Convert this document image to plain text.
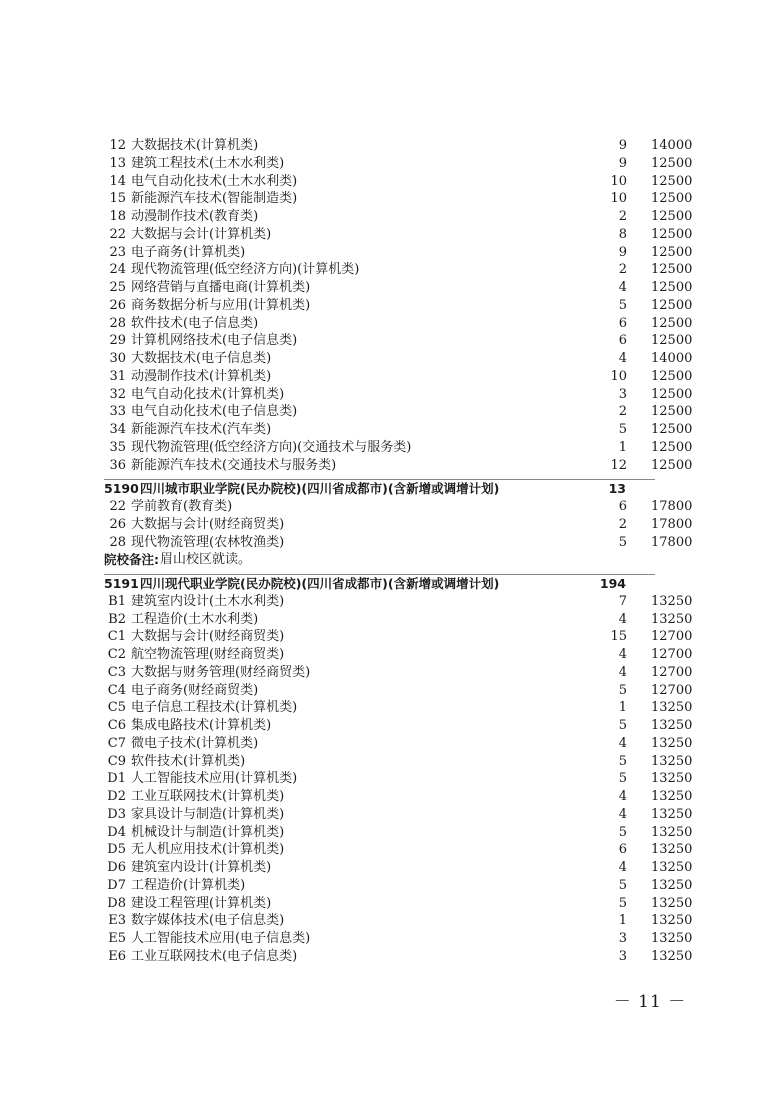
12 大数据技术(计算机类)	9 14000
13 建筑工程技术(土木水利类)	9 12500
14 电气自动化技术(土木水利类)	10 12500
15 新能源汽车技术(智能制造类)	10 12500
18 动漫制作技术(教育类)	2 12500
22 大数据与会计(计算机类)	8 12500
23 电子商务(计算机类)	9 12500
24 现代物流管理(低空经济方向)(计算机类)	2 12500
25 网络营销与直播电商(计算机类)	4 12500
26 商务数据分析与应用(计算机类)	5 12500
28 软件技术(电子信息类)	6 12500
29 计算机网络技术(电子信息类)	6 12500
30 大数据技术(电子信息类)	4 14000
31 动漫制作技术(计算机类)	10 12500
32 电气自动化技术(计算机类)	3 12500
33 电气自动化技术(电子信息类)	2 12500
34 新能源汽车技术(汽车类)	5 12500
35 现代物流管理(低空经济方向)(交通技术与服务类)	1 12500
36 新能源汽车技术(交通技术与服务类)	12 12500
5190 四川城市职业学院(民办院校)(四川省成都市)(含新增或调增计划)	13
22 学前教育(教育类)	6 17800
26 大数据与会计(财经商贸类)	2 17800
28 现代物流管理(农林牧渔类)	5 17800
院校备注: 眉山校区就读。
5191 四川现代职业学院(民办院校)(四川省成都市)(含新增或调增计划)	194
B1 建筑室内设计(土木水利类)	7 13250
B2 工程造价(土木水利类)	4 13250
C1 大数据与会计(财经商贸类)	15 12700
C2 航空物流管理(财经商贸类)	4 12700
C3 大数据与财务管理(财经商贸类)	4 12700
C4 电子商务(财经商贸类)	5 12700
C5 电子信息工程技术(计算机类)	1 13250
C6 集成电路技术(计算机类)	5 13250
C7 微电子技术(计算机类)	4 13250
C9 软件技术(计算机类)	5 13250
D1 人工智能技术应用(计算机类)	5 13250
D2 工业互联网技术(计算机类)	4 13250
D3 家具设计与制造(计算机类)	4 13250
D4 机械设计与制造(计算机类)	5 13250
D5 无人机应用技术(计算机类)	6 13250
D6 建筑室内设计(计算机类)	4 13250
D7 工程造价(计算机类)	5 13250
D8 建设工程管理(计算机类)	5 13250
E3 数字媒体技术(电子信息类)	1 13250
E5 人工智能技术应用(电子信息类)	3 13250
E6 工业互联网技术(电子信息类)	3 13250
－ 11 －
